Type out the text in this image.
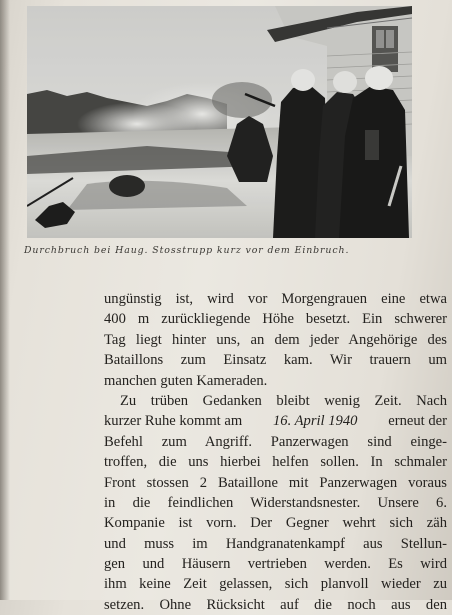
Durchbruch bei Haug. Stosstrupp kurz vor dem Einbruch.
ungünstig ist, wird vor Morgengrauen eine etwa
400 m zurückliegende Höhe besetzt. Ein schwerer
Tag liegt hinter uns, an dem jeder Angehörige des
Bataillons zum Einsatz kam. Wir trauern um
manchen guten Kameraden.
Zu trüben Gedanken bleibt wenig Zeit. Nach
kurzer Ruhe kommt am 16. April 1940 erneut der
Befehl zum Angriff. Panzerwagen sind einge-
troffen, die uns hierbei helfen sollen. In schmaler
Front stossen 2 Bataillone mit Panzerwagen voraus
in die feindlichen Widerstandsnester. Unsere 6.
Kompanie ist vorn. Der Gegner wehrt sich zäh
und muss im Handgranatenkampf aus Stellun-
gen und Häusern vertrieben werden. Es wird
ihm keine Zeit gelassen, sich planvoll wieder zu
setzen. Ohne Rücksicht auf die noch aus den
